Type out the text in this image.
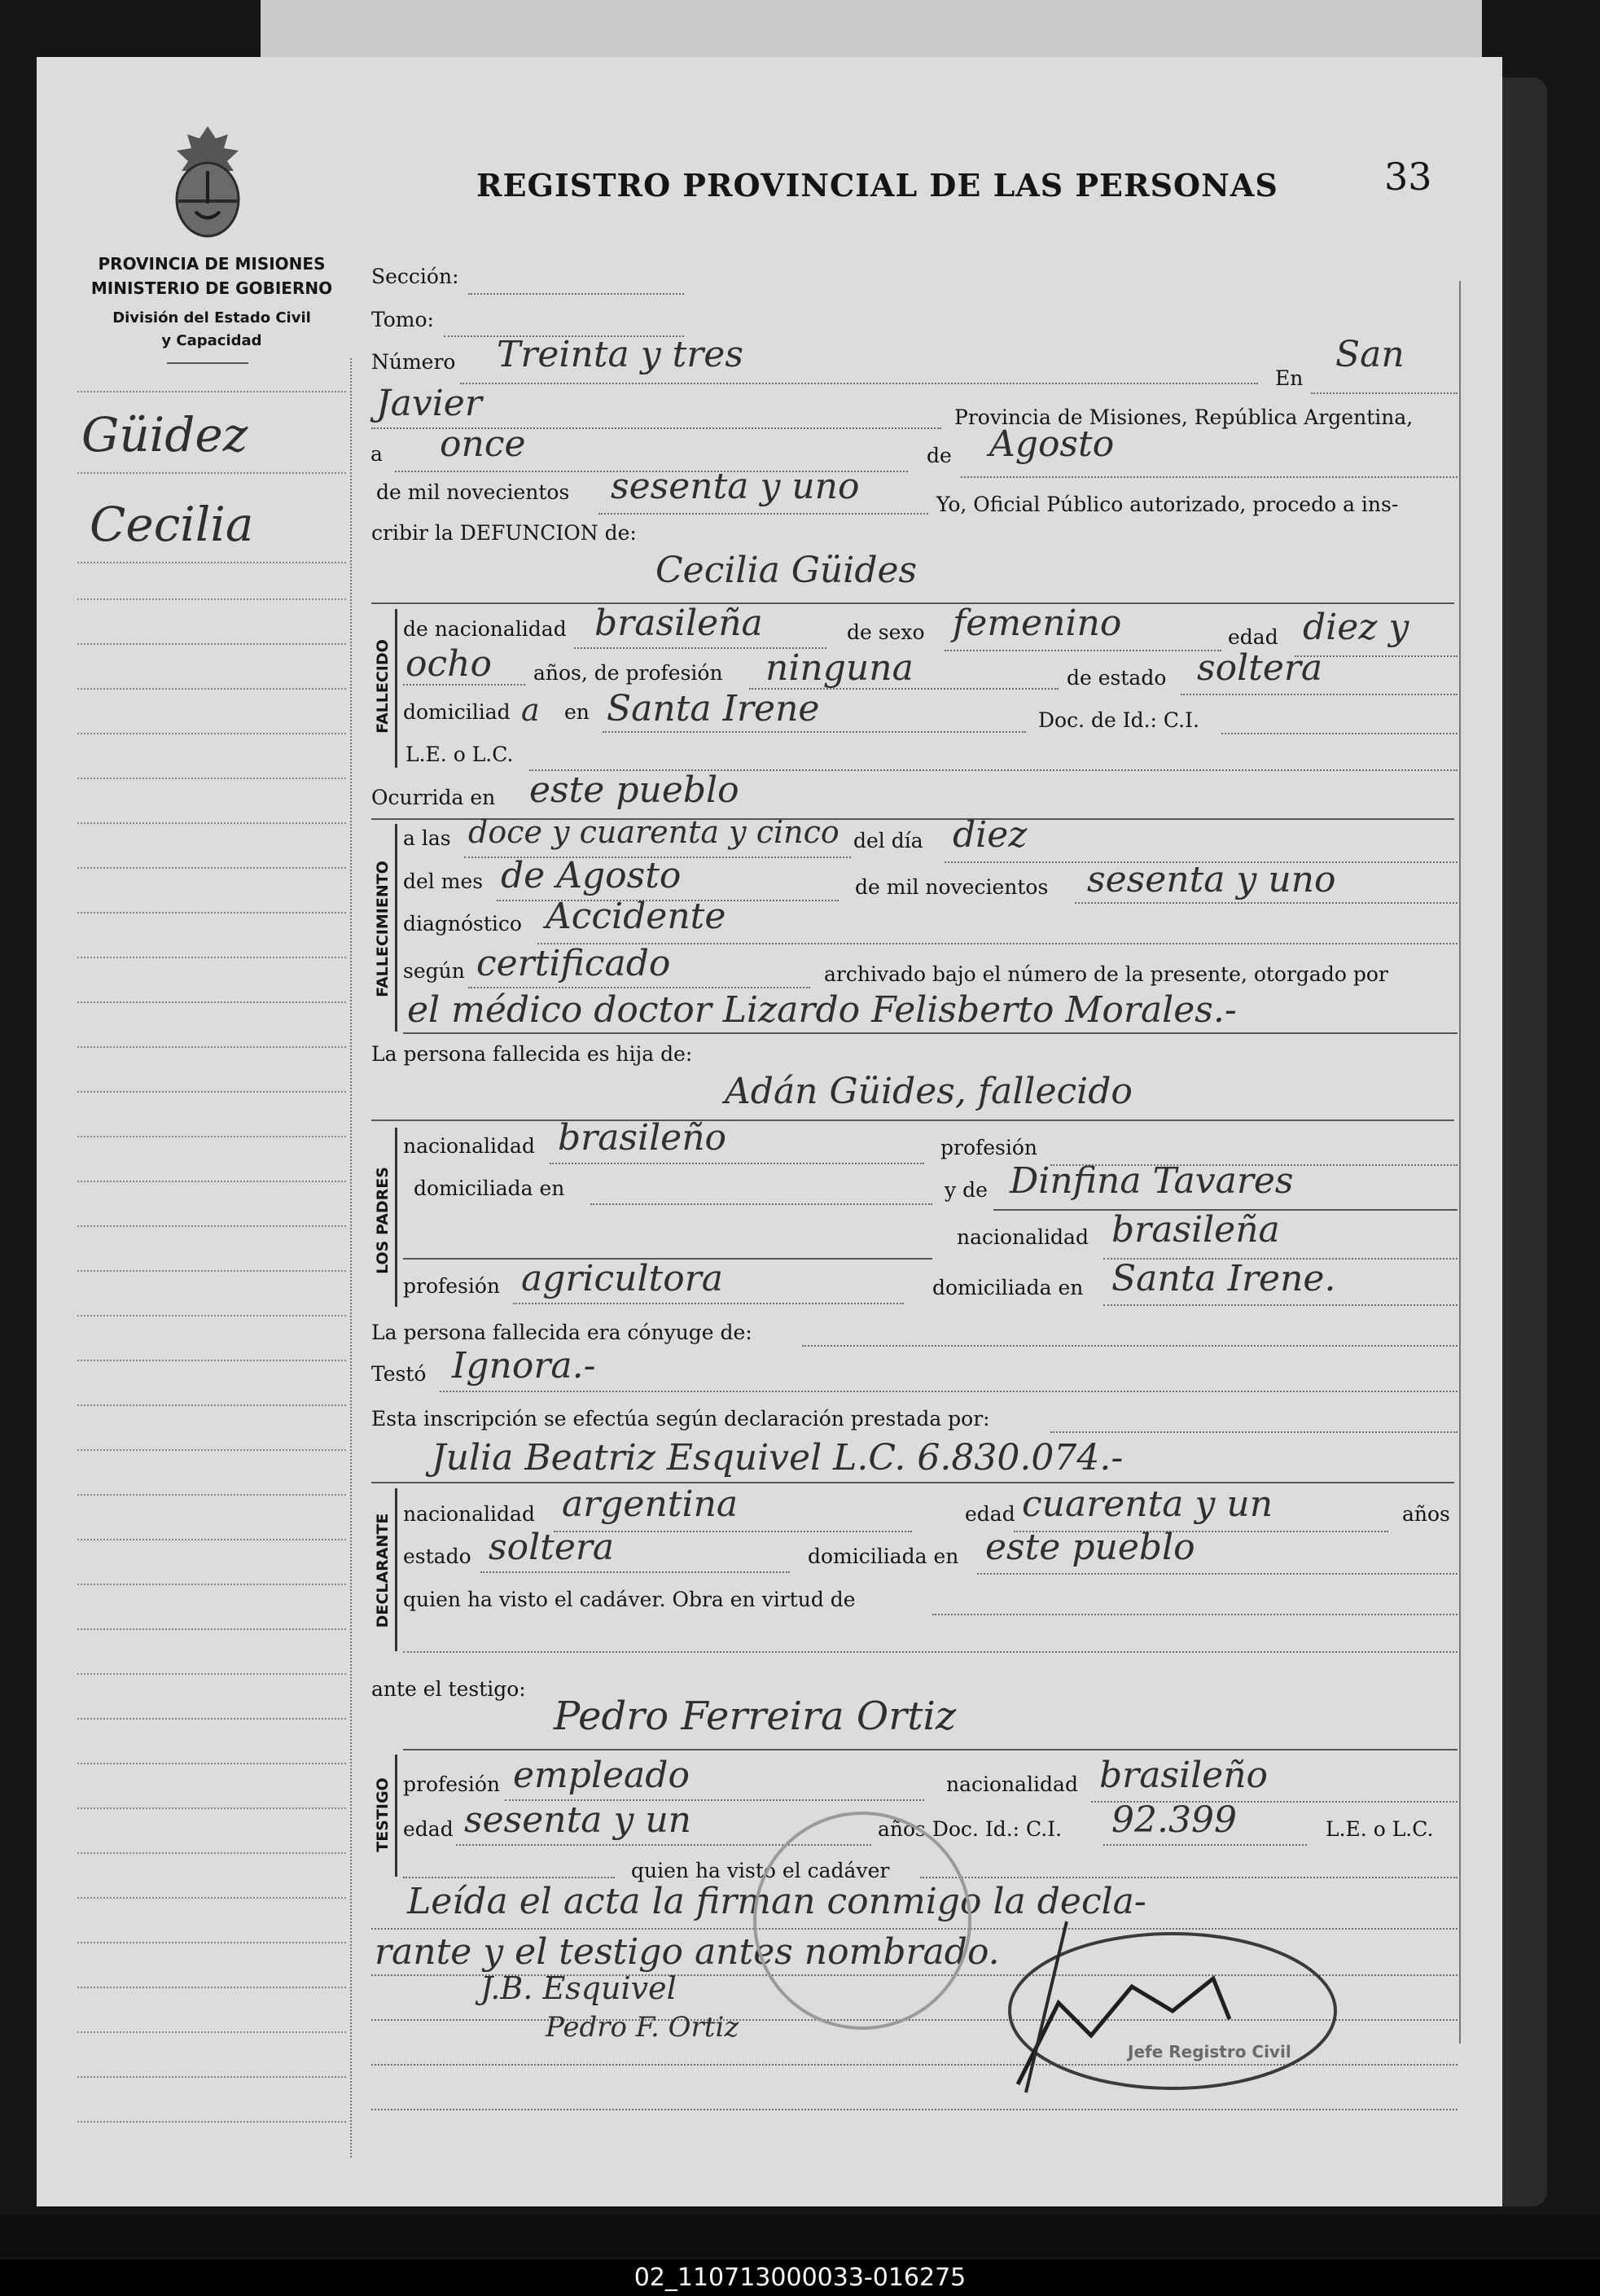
PROVINCIA DE MISIONES
MINISTERIO DE GOBIERNO
División del Estado Civil
y Capacidad
Güidez
Cecilia
REGISTRO PROVINCIAL DE LAS PERSONAS	33
Sección:
Tomo:
Número Treinta y tres
En
San
Javier	Provincia de Misiones, República Argentina,
a once	de Agosto
de mil novecientos sesenta y uno	Yo, Oficial Público autorizado, procedo a ins-
cribir la DEFUNCION de:
Cecilia Güides
FALLECIDO
de nacionalidad brasileña	de sexo femenino	edad diez y
ocho años, de profesión ninguna	de estado soltera
domiciliad a en Santa Irene	Doc. de Id.: C.I.
L.E. o L.C.
Ocurrida en este pueblo
FALLECIMIENTO
a las doce y cuarenta y cinco del día diez
del mes de Agosto	de mil novecientos sesenta y uno
diagnóstico Accidente
según certificado	archivado bajo el número de la presente, otorgado por
el médico doctor Lizardo Felisberto Morales.-
La persona fallecida es hija de:
Adán Güides, fallecido
LOS PADRES
nacionalidad brasileño	profesión
domiciliada en	y de Dinfina Tavares
nacionalidad brasileña
profesión agricultora	domiciliada en Santa Irene.
La persona fallecida era cónyuge de:
Testó Ignora.-
Esta inscripción se efectúa según declaración prestada por:
Julia Beatriz Esquivel L.C. 6.830.074.-
DECLARANTE nacionalidad argentina	edad cuarenta y un	años
estado soltera	domiciliada en este pueblo
quien ha visto el cadáver. Obra en virtud de
ante el testigo:
Pedro Ferreira Ortiz
TESTIGO profesión empleado	nacionalidad brasileño
edad sesenta y un	años Doc. Id.: C.I. 92.399	L.E. o L.C.
quien ha visto el cadáver
Leída el acta la firman conmigo la decla-
rante y el testigo antes nombrado.
J.B. Esquivel
Pedro F. Ortiz
Jefe Registro Civil
02_110713000033-016275
